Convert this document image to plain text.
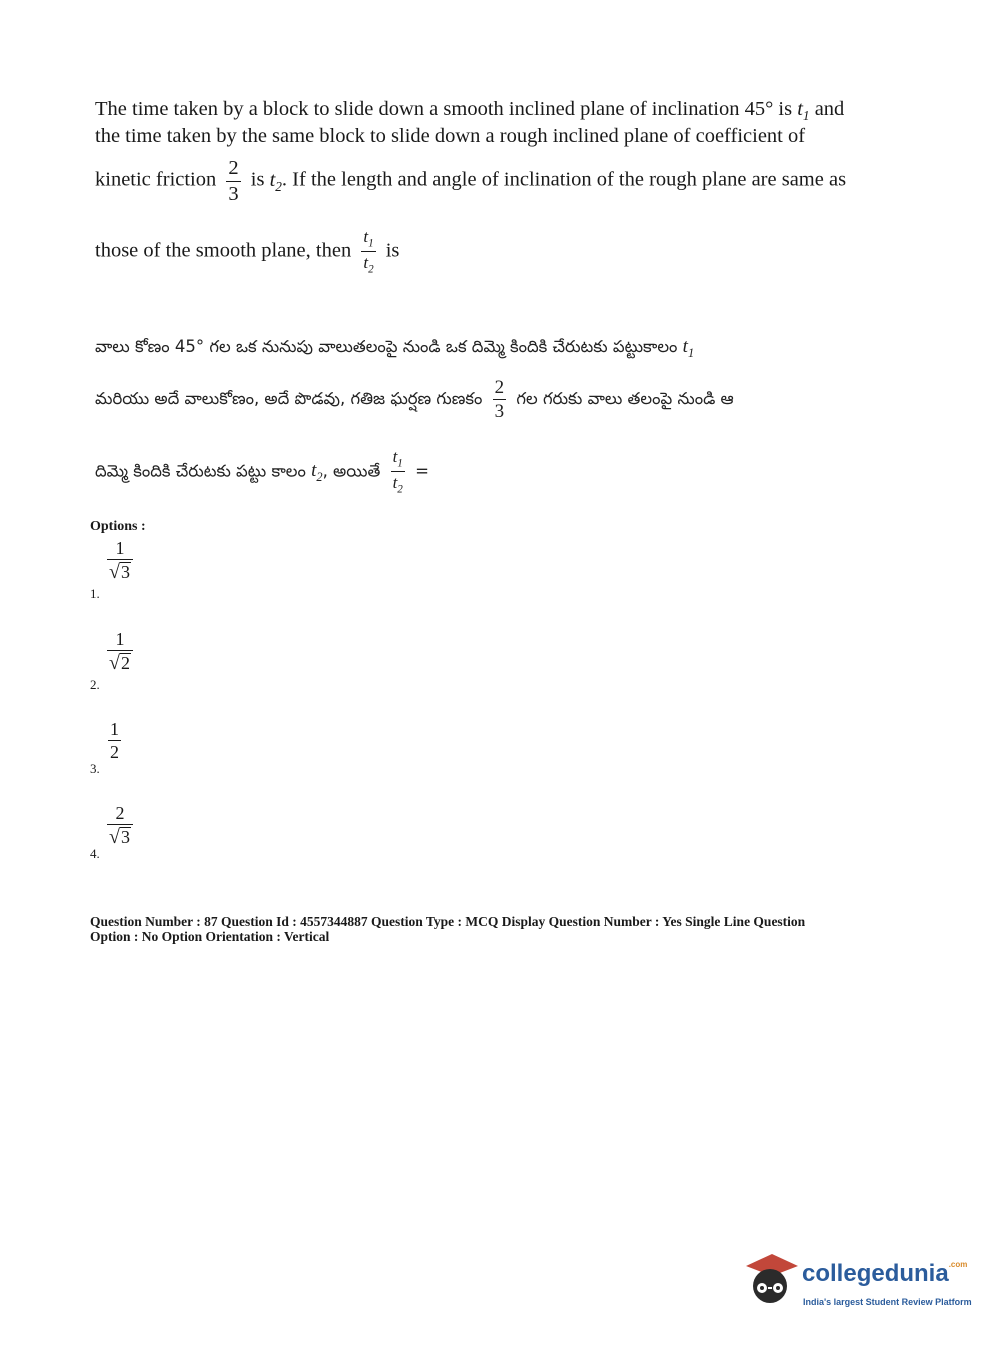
The time taken by a block to slide down a smooth inclined plane of inclination 45° is $t_1$ and
the time taken by the same block to slide down a rough inclined plane of coefficient of
kinetic friction $\frac{2}{3}$ is $t_2$. If the length and angle of inclination of the rough plane are same as
those of the smooth plane, then $\frac{t_1}{t_2}$ is
వాలు కోణం 45° గల ఒక నునుపు వాలుతలంపై నుండి ఒక దిమ్మె కిందికి చేరుటకు పట్టుకాలం $t_1$
మరియు అదే వాలుకోణం, అదే పొడవు, గతిజ ఘర్షణ గుణకం $\frac{2}{3}$ గల గరుకు వాలు తలంపై నుండి ఆ
దిమ్మె కిందికి చేరుటకు పట్టు కాలం $t_2$, అయితే $\frac{t_1}{t_2}$ =
Options :
1.
$\frac{1}{√ 3}$
2.
$\frac{1}{√ 2}$
3.
$\frac{1}{2}$
4.
$\frac{2}{√ 3}$
Question Number : 87 Question Id : 4557344887 Question Type : MCQ Display Question Number : Yes Single Line Question
Option : No Option Orientation : Vertical
collegedunia$^{.com}$
India's largest Student Review Platform
